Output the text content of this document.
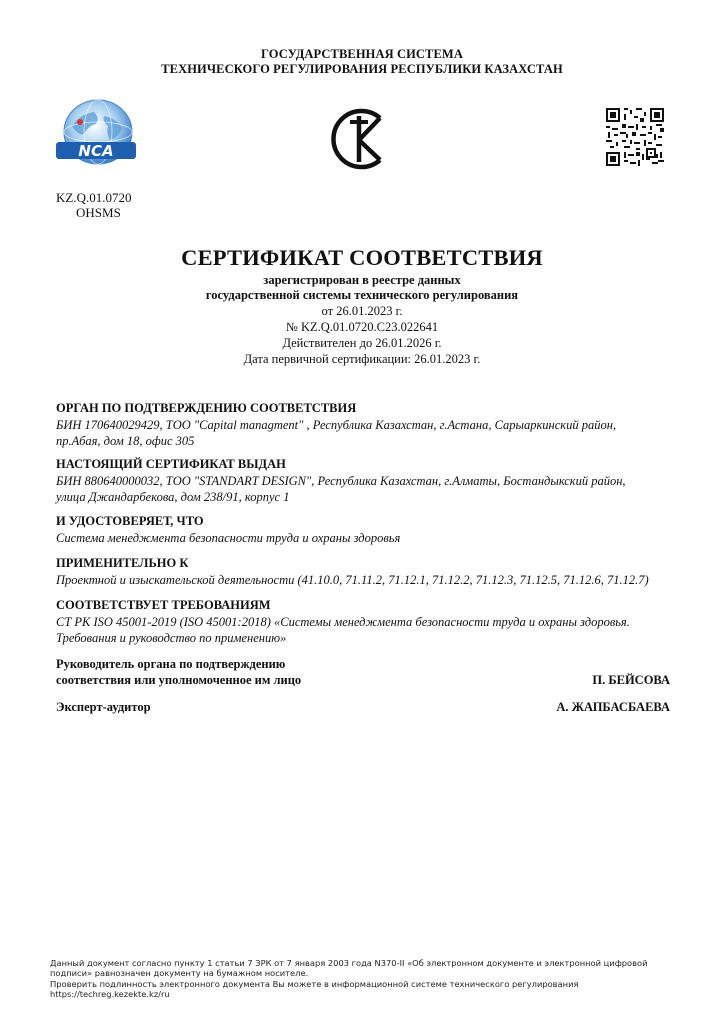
ГОСУДАРСТВЕННАЯ СИСТЕМА
ТЕХНИЧЕСКОГО РЕГУЛИРОВАНИЯ РЕСПУБЛИКИ КАЗАХСТАН
NCA
KZ.Q.01.0720
OHSMS
СЕРТИФИКАТ СООТВЕТСТВИЯ
зарегистрирован в реестре данных
государственной системы технического регулирования
от 26.01.2023 г.
№ KZ.Q.01.0720.С23.022641
Действителен до 26.01.2026 г.
Дата первичной сертификации: 26.01.2023 г.
ОРГАН ПО ПОДТВЕРЖДЕНИЮ СООТВЕТСТВИЯ

БИН 170640029429, ТОО "Capital managment" , Республика Казахстан, г.Астана, Сарыаркинский район,

пр.Абая, дом 18, офис 305

НАСТОЯЩИЙ СЕРТИФИКАТ ВЫДАН

БИН 880640000032, ТОО "STANDART DESIGN", Республика Казахстан, г.Алматы, Бостандыкский район,

улица Джандарбекова, дом 238/91, корпус 1

И УДОСТОВЕРЯЕТ, ЧТО

Система менеджмента безопасности труда и охраны здоровья

ПРИМЕНИТЕЛЬНО К

Проектной и изыскательской деятельности (41.10.0, 71.11.2, 71.12.1, 71.12.2, 71.12.3, 71.12.5, 71.12.6, 71.12.7)

СООТВЕТСТВУЕТ ТРЕБОВАНИЯМ

СТ РК ISO 45001-2019 (ISO 45001:2018) «Системы менеджмента безопасности труда и охраны здоровья.

Требования и руководство по применению»

Руководитель органа по подтверждению
соответствия или уполномоченное им лицо	П. БЕЙСОВА
Эксперт-аудитор	А. ЖАПБАСБАЕВА
Данный документ согласно пункту 1 статьи 7 ЗРК от 7 января 2003 года N370-II «Об электронном документе и электронной цифровой
подписи» равнозначен документу на бумажном носителе.
Проверить подлинность электронного документа Вы можете в информационной системе технического регулирования
https://techreg.kezekte.kz/ru
